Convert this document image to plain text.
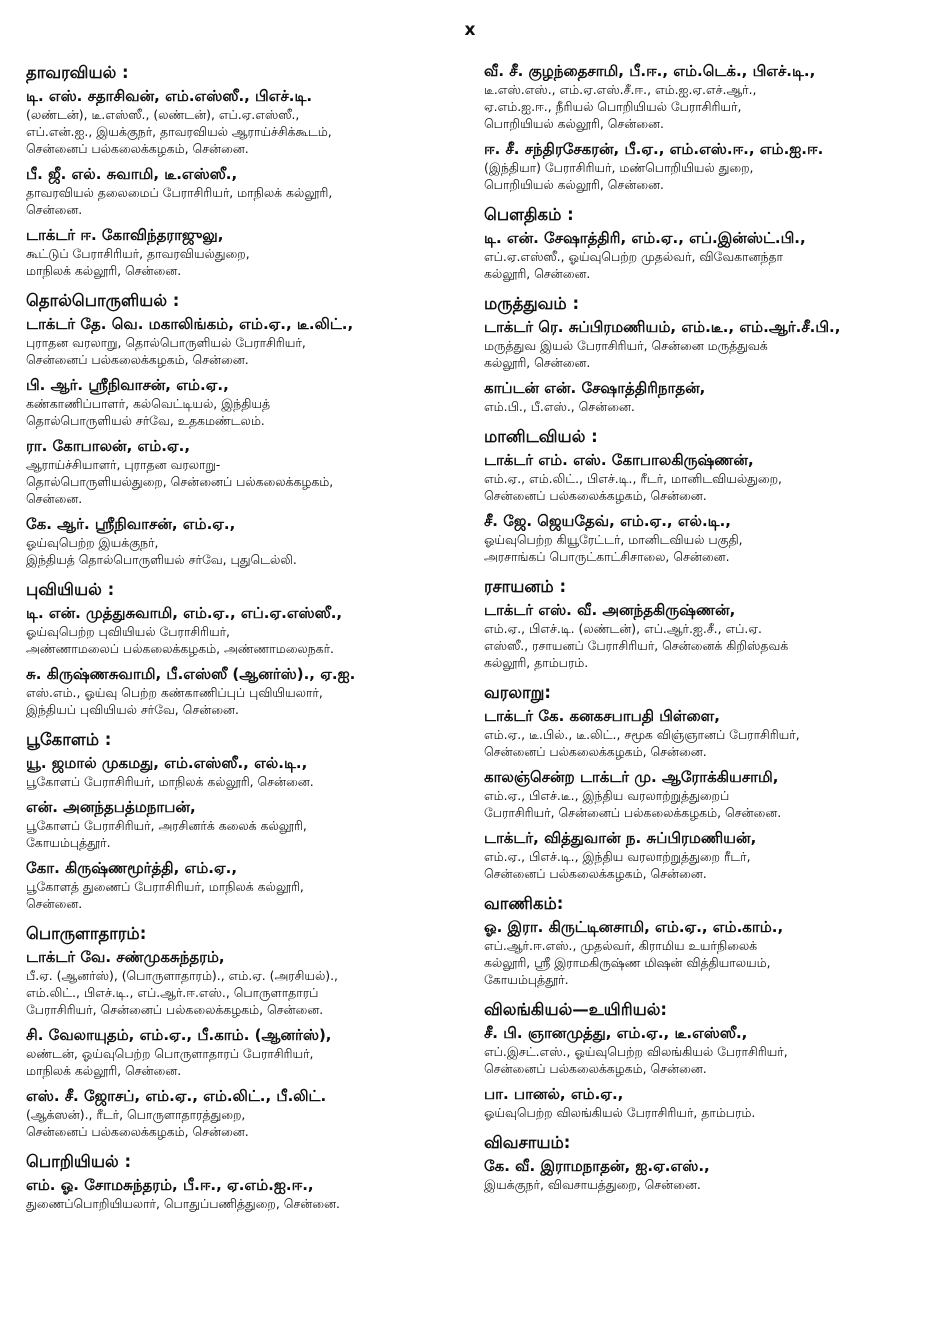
x
தாவரவியல் :
டி. எஸ். சதாசிவன், எம்.எஸ்ஸீ., பிஎச்.டி.
(லண்டன்), டீ.எஸ்ஸீ., (லண்டன்), எப்.ஏ.எஸ்ஸீ.,
எப்.என்.ஐ., இயக்குநர், தாவரவியல் ஆராய்ச்சிக்கூடம்,
சென்னைப் பல்கலைக்கழகம், சென்னை.
பீ. ஜீ. எல். சுவாமி, டீ.எஸ்ஸீ.,
தாவரவியல் தலைமைப் பேராசிரியர், மாநிலக் கல்லூரி,
சென்னை.
டாக்டர் ஈ. கோவிந்தராஜுலு,
கூட்டுப் பேராசிரியர், தாவரவியல்துறை,
மாநிலக் கல்லூரி, சென்னை.
தொல்பொருளியல் :
டாக்டர் தே. வெ. மகாலிங்கம், எம்.ஏ., டீ.லிட்.,
புராதன வரலாறு, தொல்பொருளியல் பேராசிரியர்,
சென்னைப் பல்கலைக்கழகம், சென்னை.
பி. ஆர். ஸ்ரீநிவாசன், எம்.ஏ.,
கண்காணிப்பாளர், கல்வெட்டியல், இந்தியத்
தொல்பொருளியல் சர்வே, உதகமண்டலம்.
ரா. கோபாலன், எம்.ஏ.,
ஆராய்ச்சியாளர், புராதன வரலாறு-
தொல்பொருளியல்துறை, சென்னைப் பல்கலைக்கழகம்,
சென்னை.
கே. ஆர். ஸ்ரீநிவாசன், எம்.ஏ.,
ஓய்வுபெற்ற இயக்குநர்,
இந்தியத் தொல்பொருளியல் சர்வே, புதுடெல்லி.
புவியியல் :
டி. என். முத்துசுவாமி, எம்.ஏ., எப்.ஏ.எஸ்ஸீ.,
ஓய்வுபெற்ற புவியியல் பேராசிரியர்,
அண்ணாமலைப் பல்கலைக்கழகம், அண்ணாமலைநகர்.
சு. கிருஷ்ணசுவாமி, பீ.எஸ்ஸீ (ஆனர்ஸ்)., ஏ.ஐ.
எஸ்.எம்., ஓய்வு பெற்ற கண்காணிப்புப் புவியியலார்,
இந்தியப் புவியியல் சர்வே, சென்னை.
பூகோளம் :
யூ. ஜமால் முகமது, எம்.எஸ்ஸீ., எல்.டி.,
பூகோளப் பேராசிரியர், மாநிலக் கல்லூரி, சென்னை.
என். அனந்தபத்மநாபன்,
பூகோளப் பேராசிரியர், அரசினர்க் கலைக் கல்லூரி,
கோயம்புத்தூர்.
கோ. கிருஷ்ணமூர்த்தி, எம்.ஏ.,
பூகோளத் துணைப் பேராசிரியர், மாநிலக் கல்லூரி,
சென்னை.
பொருளாதாரம்:
டாக்டர் வே. சண்முகசுந்தரம்,
பீ.ஏ. (ஆனர்ஸ்), (பொருளாதாரம்)., எம்.ஏ. (அரசியல்).,
எம்.லிட்., பிஎச்.டி., எப்.ஆர்.ஈ.எஸ்., பொருளாதாரப்
பேராசிரியர், சென்னைப் பல்கலைக்கழகம், சென்னை.
சி. வேலாயுதம், எம்.ஏ., பீ.காம். (ஆனர்ஸ்),
லண்டன், ஓய்வுபெற்ற பொருளாதாரப் பேராசிரியர்,
மாநிலக் கல்லூரி, சென்னை.
எஸ். சீ. ஜோசப், எம்.ஏ., எம்.லிட்., பீ.லிட்.
(ஆக்ஸன்)., ரீடர், பொருளாதாரத்துறை,
சென்னைப் பல்கலைக்கழகம், சென்னை.
பொறியியல் :
எம். ஓ. சோமசுந்தரம், பீ.ஈ., ஏ.எம்.ஐ.ஈ.,
துணைப்பொறியியலார், பொதுப்பணித்துறை, சென்னை.
வீ. சீ. குழந்தைசாமி, பீ.ஈ., எம்.டெக்., பிஎச்.டி.,
டீ.எஸ்.எஸ்., எம்.ஏ.எஸ்.சீ.ஈ., எம்.ஐ.ஏ.எச்.ஆர்.,
ஏ.எம்.ஐ.ஈ., நீரியல் பொறியியல் பேராசிரியர்,
பொறியியல் கல்லூரி, சென்னை.
ஈ. சீ. சந்திரசேகரன், பீ.ஏ., எம்.எஸ்.ஈ., எம்.ஐ.ஈ.
(இந்தியா) பேராசிரியர், மண்பொறியியல் துறை,
பொறியியல் கல்லூரி, சென்னை.
பௌதிகம் :
டி. என். சேஷாத்திரி, எம்.ஏ., எப்.இன்ஸ்ட்.பி.,
எப்.ஏ.எஸ்ஸீ., ஓய்வுபெற்ற முதல்வர், விவேகானந்தா
கல்லூரி, சென்னை.
மருத்துவம் :
டாக்டர் ரெ. சுப்பிரமணியம், எம்.டீ., எம்.ஆர்.சீ.பி.,
மருத்துவ இயல் பேராசிரியர், சென்னை மருத்துவக்
கல்லூரி, சென்னை.
காப்டன் என். சேஷாத்திரிநாதன்,
எம்.பி., பீ.எஸ்., சென்னை.
மானிடவியல் :
டாக்டர் எம். எஸ். கோபாலகிருஷ்ணன்,
எம்.ஏ., எம்.லிட்., பிஎச்.டி., ரீடர், மானிடவியல்துறை,
சென்னைப் பல்கலைக்கழகம், சென்னை.
சீ. ஜே. ஜெயதேவ், எம்.ஏ., எல்.டி.,
ஓய்வுபெற்ற கியூரேட்டர், மானிடவியல் பகுதி,
அரசாங்கப் பொருட்காட்சிசாலை, சென்னை.
ரசாயனம் :
டாக்டர் எஸ். வீ. அனந்தகிருஷ்ணன்,
எம்.ஏ., பிஎச்.டி. (லண்டன்), எப்.ஆர்.ஐ.சீ., எப்.ஏ.
எஸ்ஸீ., ரசாயனப் பேராசிரியர், சென்னைக் கிறிஸ்தவக்
கல்லூரி, தாம்பரம்.
வரலாறு:
டாக்டர் கே. கனகசபாபதி பிள்ளை,
எம்.ஏ., டீ.பில்., டீ.லிட்., சமூக விஞ்ஞானப் பேராசிரியர்,
சென்னைப் பல்கலைக்கழகம், சென்னை.
காலஞ்சென்ற டாக்டர் மு. ஆரோக்கியசாமி,
எம்.ஏ., பிஎச்.டீ., இந்திய வரலாற்றுத்துறைப்
பேராசிரியர், சென்னைப் பல்கலைக்கழகம், சென்னை.
டாக்டர், வித்துவான் ந. சுப்பிரமணியன்,
எம்.ஏ., பிஎச்.டி., இந்திய வரலாற்றுத்துறை ரீடர்,
சென்னைப் பல்கலைக்கழகம், சென்னை.
வாணிகம்:
ஓ. இரா. கிருட்டினசாமி, எம்.ஏ., எம்.காம்.,
எப்.ஆர்.ஈ.எஸ்., முதல்வர், கிராமிய உயர்நிலைக்
கல்லூரி, ஸ்ரீ இராமகிருஷ்ண மிஷன் வித்தியாலயம்,
கோயம்புத்தூர்.
விலங்கியல்—உயிரியல்:
சீ. பி. ஞானமுத்து, எம்.ஏ., டீ.எஸ்ஸீ.,
எப்.இசட்.எஸ்., ஓய்வுபெற்ற விலங்கியல் பேராசிரியர்,
சென்னைப் பல்கலைக்கழகம், சென்னை.
பா. பானல், எம்.ஏ.,
ஓய்வுபெற்ற விலங்கியல் பேராசிரியர், தாம்பரம்.
விவசாயம்:
கே. வீ. இராமநாதன், ஐ.ஏ.எஸ்.,
இயக்குநர், விவசாயத்துறை, சென்னை.
